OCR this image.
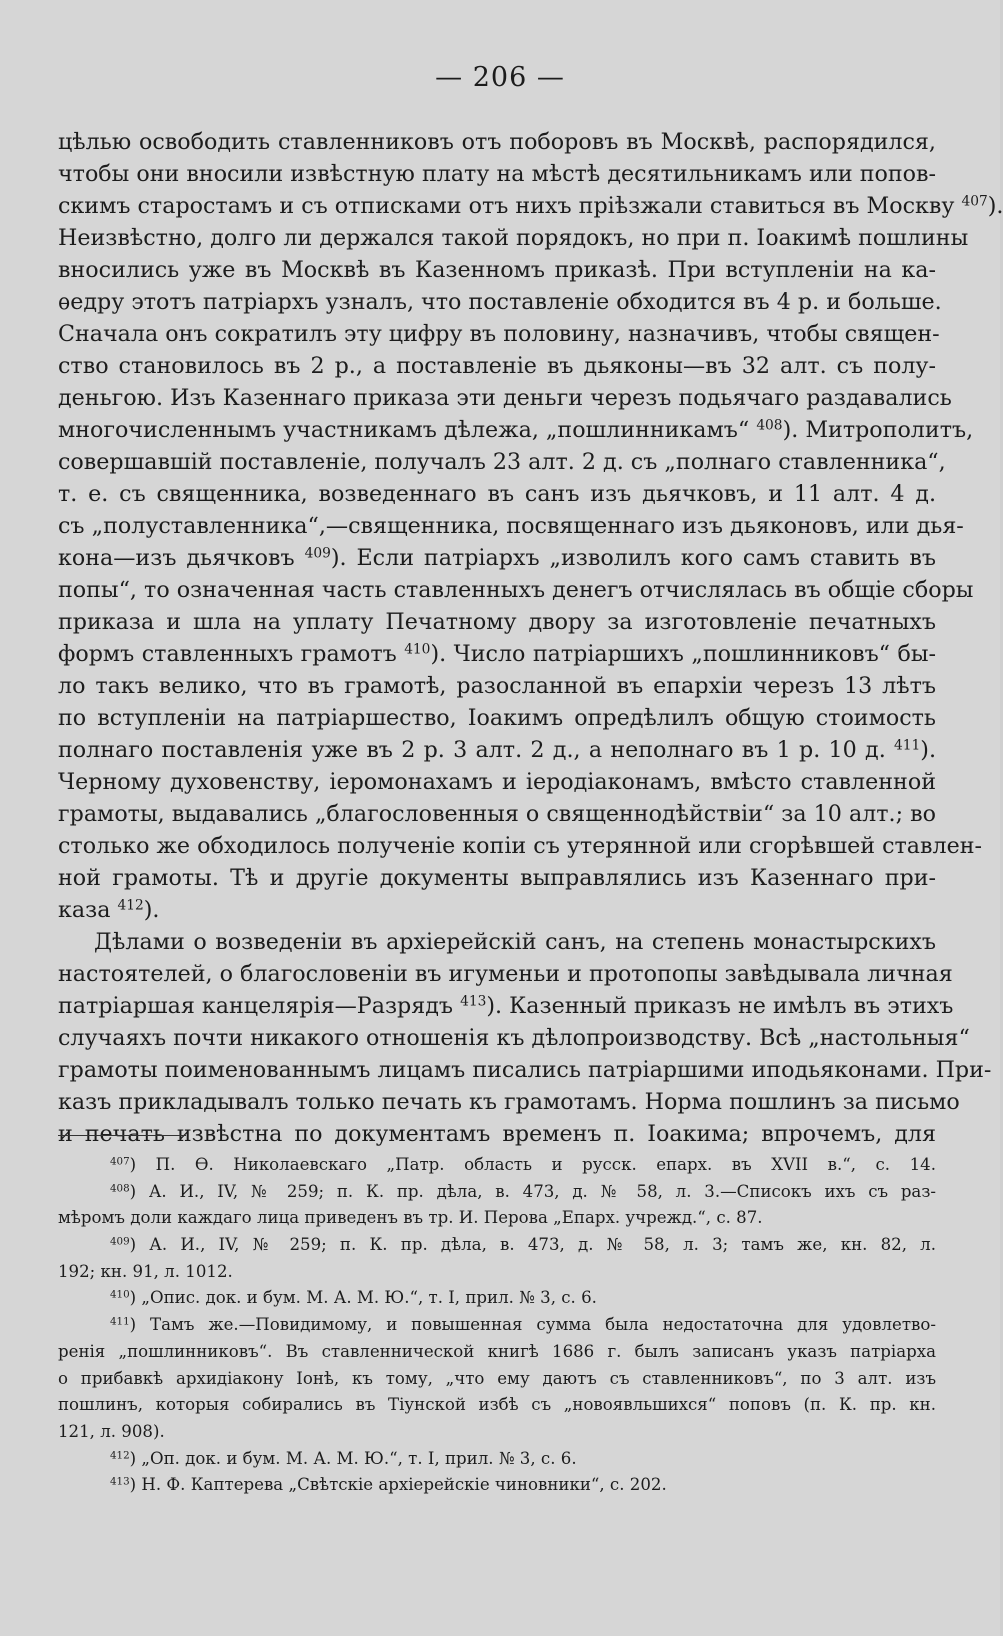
— 206 —
цѣлью освободить ставленниковъ отъ поборовъ въ Москвѣ, распорядился,
чтобы они вносили извѣстную плату на мѣстѣ десятильникамъ или попов-
скимъ старостамъ и съ отписками отъ нихъ пріѣзжали ставиться въ Москву $^{407}$).
Неизвѣстно, долго ли держался такой порядокъ, но при п. Іоакимѣ пошлины
вносились уже въ Москвѣ въ Казенномъ приказѣ. При вступленіи на ка-
ѳедру этотъ патріархъ узналъ, что поставленіе обходится въ 4 р. и больше.
Сначала онъ сократилъ эту цифру въ половину, назначивъ, чтобы священ-
ство становилось въ 2 р., а поставленіе въ дьяконы—въ 32 алт. съ полу-
деньгою. Изъ Казеннаго приказа эти деньги черезъ подьячаго раздавались
многочисленнымъ участникамъ дѣлежа, „пошлинникамъ“ $^{408}$). Митрополитъ,
совершавшій поставленіе, получалъ 23 алт. 2 д. съ „полнаго ставленника“,
т. е. съ священника, возведеннаго въ санъ изъ дьячковъ, и 11 алт. 4 д.
съ „полуставленника“,—священника, посвященнаго изъ дьяконовъ, или дья-
кона—изъ дьячковъ $^{409}$). Если патріархъ „изволилъ кого самъ ставить въ
попы“, то означенная часть ставленныхъ денегъ отчислялась въ общіе сборы
приказа и шла на уплату Печатному двору за изготовленіе печатныхъ
формъ ставленныхъ грамотъ $^{410}$). Число патріаршихъ „пошлинниковъ“ бы-
ло такъ велико, что въ грамотѣ, разосланной въ епархіи черезъ 13 лѣтъ
по вступленіи на патріаршество, Іоакимъ опредѣлилъ общую стоимость
полнаго поставленія уже въ 2 р. 3 алт. 2 д., а неполнаго въ 1 р. 10 д. $^{411}$).
Черному духовенству, іеромонахамъ и іеродіаконамъ, вмѣсто ставленной
грамоты, выдавались „благословенныя о священнодѣйствіи“ за 10 алт.; во
столько же обходилось полученіе копіи съ утерянной или сгорѣвшей ставлен-
ной грамоты. Тѣ и другіе документы выправлялись изъ Казеннаго при-
каза $^{412}$).
Дѣлами о возведеніи въ архіерейскій санъ, на степень монастырскихъ
настоятелей, о благословеніи въ игуменьи и протопопы завѣдывала личная
патріаршая канцелярія—Разрядъ $^{413}$). Казенный приказъ не имѣлъ въ этихъ
случаяхъ почти никакого отношенія къ дѣлопроизводству. Всѣ „настольныя“
грамоты поименованнымъ лицамъ писались патріаршими иподьяконами. При-
казъ прикладывалъ только печать къ грамотамъ. Норма пошлинъ за письмо
и печать извѣстна по документамъ временъ п. Іоакима; впрочемъ, для
$^{407}$) П. Ѳ. Николаевскаго „Патр. область и русск. епарх. въ XVII в.“, с. 14.
$^{408}$) А. И., IV, № 259; п. К. пр. дѣла, в. 473, д. № 58, л. 3.—Списокъ ихъ съ раз-
мѣромъ доли каждаго лица приведенъ въ тр. И. Перова „Епарх. учрежд.“, с. 87.
$^{409}$) А. И., IV, № 259; п. К. пр. дѣла, в. 473, д. № 58, л. 3; тамъ же, кн. 82, л.
192; кн. 91, л. 1012.
$^{410}$) „Опис. док. и бум. М. А. М. Ю.“, т. I, прил. № 3, с. 6.
$^{411}$) Тамъ же.—Повидимому, и повышенная сумма была недостаточна для удовлетво-
ренія „пошлинниковъ“. Въ ставленнической книгѣ 1686 г. былъ записанъ указъ патріарха
о прибавкѣ архидіакону Іонѣ, къ тому, „что ему даютъ съ ставленниковъ“, по 3 алт. изъ
пошлинъ, которыя собирались въ Тіунской избѣ съ „новоявльшихся“ поповъ (п. К. пр. кн.
121, л. 908).
$^{412}$) „Оп. док. и бум. М. А. М. Ю.“, т. I, прил. № 3, с. 6.
$^{413}$) Н. Ф. Каптерева „Свѣтскіе архіерейскіе чиновники“, с. 202.
